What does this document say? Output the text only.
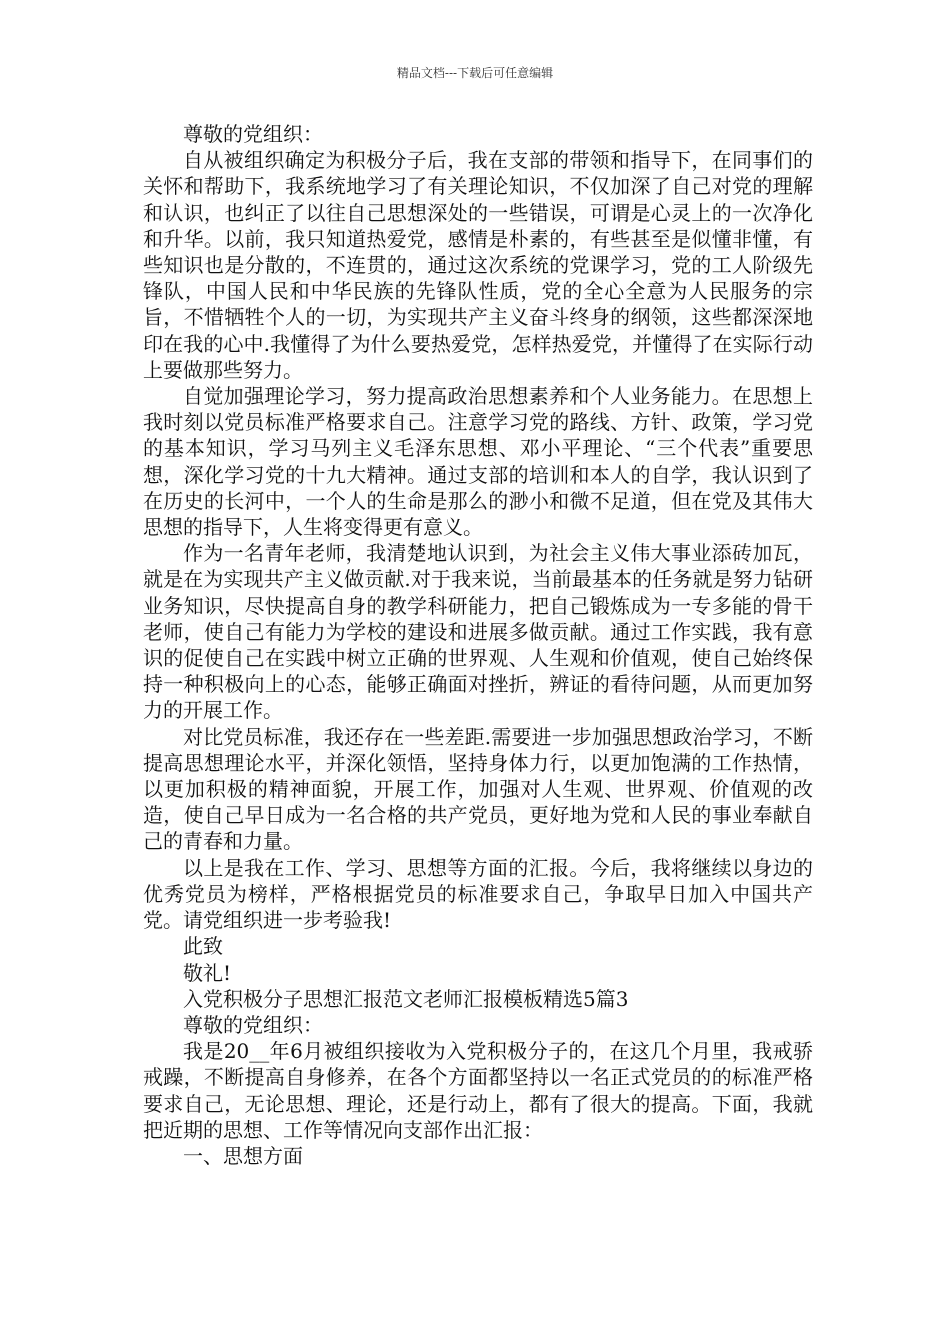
精品文档---下载后可任意编辑
尊敬的党组织：
自从被组织确定为积极分子后，我在支部的带领和指导下，在同事们的关怀和帮助下，我系统地学习了有关理论知识，不仅加深了自己对党的理解和认识，也纠正了以往自己思想深处的一些错误，可谓是心灵上的一次净化和升华。以前，我只知道热爱党，感情是朴素的，有些甚至是似懂非懂，有些知识也是分散的，不连贯的，通过这次系统的党课学习，党的工人阶级先锋队，中国人民和中华民族的先锋队性质，党的全心全意为人民服务的宗旨，不惜牺牲个人的一切，为实现共产主义奋斗终身的纲领，这些都深深地印在我的心中.我懂得了为什么要热爱党，怎样热爱党，并懂得了在实际行动上要做那些努力。
自觉加强理论学习，努力提高政治思想素养和个人业务能力。在思想上我时刻以党员标准严格要求自己。注意学习党的路线、方针、政策，学习党的基本知识，学习马列主义毛泽东思想、邓小平理论、“三个代表”重要思想，深化学习党的十九大精神。通过支部的培训和本人的自学，我认识到了在历史的长河中，一个人的生命是那么的渺小和微不足道，但在党及其伟大思想的指导下，人生将变得更有意义。
作为一名青年老师，我清楚地认识到，为社会主义伟大事业添砖加瓦，就是在为实现共产主义做贡献.对于我来说，当前最基本的任务就是努力钻研业务知识，尽快提高自身的教学科研能力，把自己锻炼成为一专多能的骨干老师，使自己有能力为学校的建设和进展多做贡献。通过工作实践，我有意识的促使自己在实践中树立正确的世界观、人生观和价值观，使自己始终保持一种积极向上的心态，能够正确面对挫折，辨证的看待问题，从而更加努力的开展工作。
对比党员标准，我还存在一些差距.需要进一步加强思想政治学习，不断提高思想理论水平，并深化领悟，坚持身体力行，以更加饱满的工作热情，以更加积极的精神面貌，开展工作，加强对人生观、世界观、价值观的改造，使自己早日成为一名合格的共产党员，更好地为党和人民的事业奉献自己的青春和力量。
以上是我在工作、学习、思想等方面的汇报。今后，我将继续以身边的优秀党员为榜样，严格根据党员的标准要求自己，争取早日加入中国共产党。请党组织进一步考验我!
此致
敬礼!
入党积极分子思想汇报范文老师汇报模板精选5篇3
尊敬的党组织：
我是20__年6月被组织接收为入党积极分子的，在这几个月里，我戒骄戒躁，不断提高自身修养，在各个方面都坚持以一名正式党员的的标准严格要求自己，无论思想、理论，还是行动上，都有了很大的提高。下面，我就把近期的思想、工作等情况向支部作出汇报：
一、思想方面
